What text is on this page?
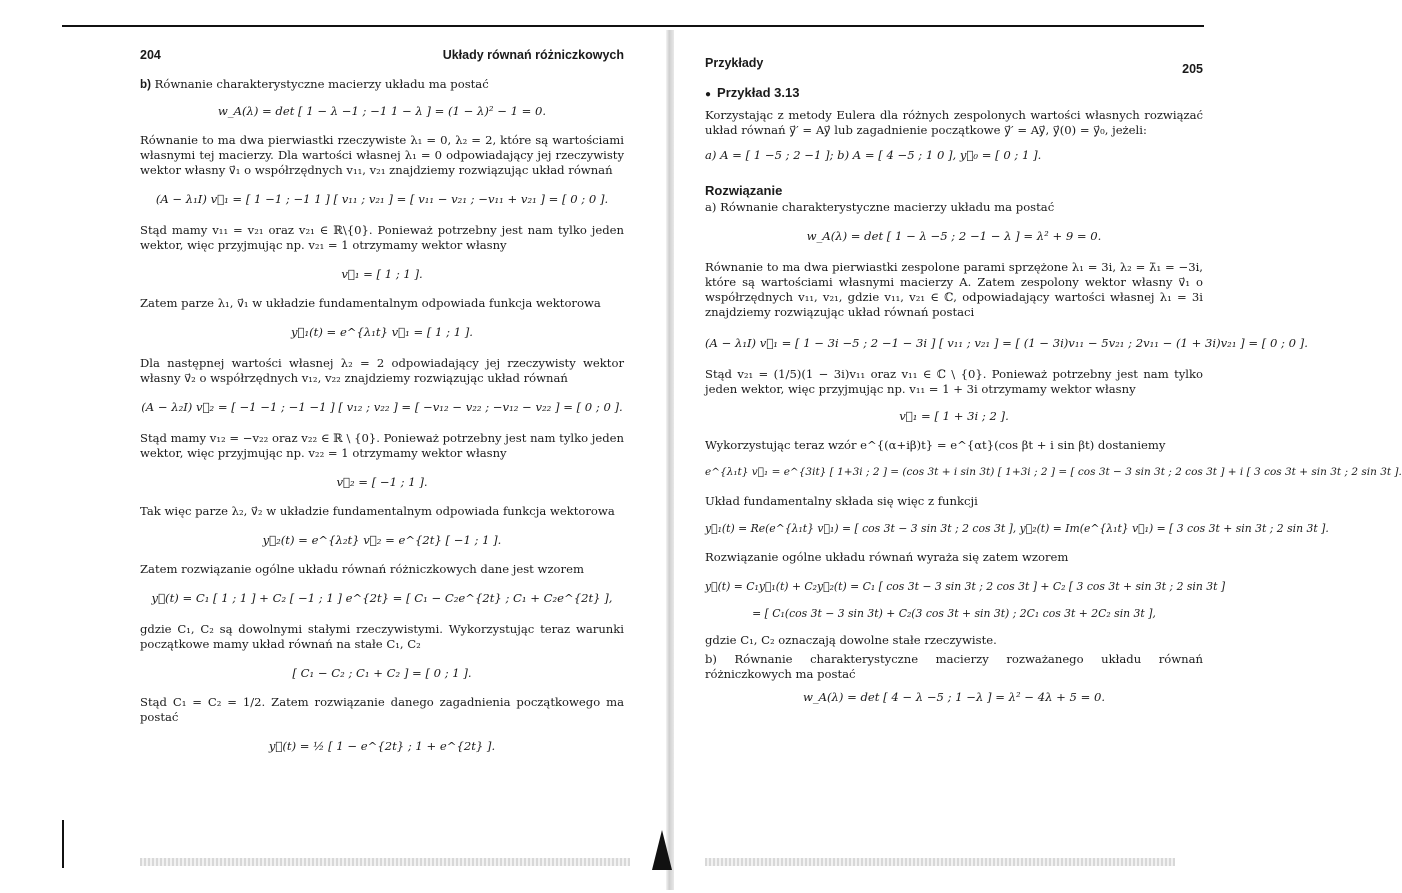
204	Układy równań różniczkowych

b) Równanie charakterystyczne macierzy układu ma postać

w_A(λ) = det [ 1 − λ −1 ; −1 1 − λ ] = (1 − λ)² − 1 = 0.

Równanie to ma dwa pierwiastki rzeczywiste λ₁ = 0, λ₂ = 2, które są wartościami własnymi tej macierzy. Dla wartości własnej λ₁ = 0 odpowiadający jej rzeczywisty wektor własny v⃗₁ o współrzędnych v₁₁, v₂₁ znajdziemy rozwiązując układ równań

(A − λ₁I) v⃗₁ = [ 1 −1 ; −1 1 ] [ v₁₁ ; v₂₁ ] = [ v₁₁ − v₂₁ ; −v₁₁ + v₂₁ ] = [ 0 ; 0 ].

Stąd mamy v₁₁ = v₂₁ oraz v₂₁ ∈ ℝ\{0}. Ponieważ potrzebny jest nam tylko jeden wektor, więc przyjmując np. v₂₁ = 1 otrzymamy wektor własny

v⃗₁ = [ 1 ; 1 ].

Zatem parze λ₁, v⃗₁ w układzie fundamentalnym odpowiada funkcja wektorowa

y⃗₁(t) = e^{λ₁t} v⃗₁ = [ 1 ; 1 ].

Dla następnej wartości własnej λ₂ = 2 odpowiadający jej rzeczywisty wektor własny v⃗₂ o współrzędnych v₁₂, v₂₂ znajdziemy rozwiązując układ równań

(A − λ₂I) v⃗₂ = [ −1 −1 ; −1 −1 ] [ v₁₂ ; v₂₂ ] = [ −v₁₂ − v₂₂ ; −v₁₂ − v₂₂ ] = [ 0 ; 0 ].

Stąd mamy v₁₂ = −v₂₂ oraz v₂₂ ∈ ℝ \ {0}. Ponieważ potrzebny jest nam tylko jeden wektor, więc przyjmując np. v₂₂ = 1 otrzymamy wektor własny

v⃗₂ = [ −1 ; 1 ].

Tak więc parze λ₂, v⃗₂ w układzie fundamentalnym odpowiada funkcja wektorowa

y⃗₂(t) = e^{λ₂t} v⃗₂ = e^{2t} [ −1 ; 1 ].

Zatem rozwiązanie ogólne układu równań różniczkowych dane jest wzorem

y⃗(t) = C₁ [ 1 ; 1 ] + C₂ [ −1 ; 1 ] e^{2t} = [ C₁ − C₂e^{2t} ; C₁ + C₂e^{2t} ],

gdzie C₁, C₂ są dowolnymi stałymi rzeczywistymi. Wykorzystując teraz warunki początkowe mamy układ równań na stałe C₁, C₂

[ C₁ − C₂ ; C₁ + C₂ ] = [ 0 ; 1 ].

Stąd C₁ = C₂ = 1/2. Zatem rozwiązanie danego zagadnienia początkowego ma postać

y⃗(t) = ½ [ 1 − e^{2t} ; 1 + e^{2t} ].
Przykłady	205
● Przykład 3.13

Korzystając z metody Eulera dla różnych zespolonych wartości własnych rozwiązać układ równań y⃗′ = Ay⃗ lub zagadnienie początkowe y⃗′ = Ay⃗, y⃗(0) = y⃗₀, jeżeli:

a) A = [ 1 −5 ; 2 −1 ]; b) A = [ 4 −5 ; 1 0 ], y⃗₀ = [ 0 ; 1 ].
Rozwiązanie

a) Równanie charakterystyczne macierzy układu ma postać

w_A(λ) = det [ 1 − λ −5 ; 2 −1 − λ ] = λ² + 9 = 0.

Równanie to ma dwa pierwiastki zespolone parami sprzężone λ₁ = 3i, λ₂ = λ̄₁ = −3i, które są wartościami własnymi macierzy A. Zatem zespolony wektor własny v⃗₁ o współrzędnych v₁₁, v₂₁, gdzie v₁₁, v₂₁ ∈ ℂ, odpowiadający wartości własnej λ₁ = 3i znajdziemy rozwiązując układ równań postaci

(A − λ₁I) v⃗₁ = [ 1 − 3i −5 ; 2 −1 − 3i ] [ v₁₁ ; v₂₁ ] = [ (1 − 3i)v₁₁ − 5v₂₁ ; 2v₁₁ − (1 + 3i)v₂₁ ] = [ 0 ; 0 ].

Stąd v₂₁ = (1/5)(1 − 3i)v₁₁ oraz v₁₁ ∈ ℂ \ {0}. Ponieważ potrzebny jest nam tylko jeden wektor, więc przyjmując np. v₁₁ = 1 + 3i otrzymamy wektor własny

v⃗₁ = [ 1 + 3i ; 2 ].

Wykorzystując teraz wzór e^{(α+iβ)t} = e^{αt}(cos βt + i sin βt) dostaniemy

e^{λ₁t} v⃗₁ = e^{3it} [ 1+3i ; 2 ] = (cos 3t + i sin 3t) [ 1+3i ; 2 ] = [ cos 3t − 3 sin 3t ; 2 cos 3t ] + i [ 3 cos 3t + sin 3t ; 2 sin 3t ].

Układ fundamentalny składa się więc z funkcji

y⃗₁(t) = Re(e^{λ₁t} v⃗₁) = [ cos 3t − 3 sin 3t ; 2 cos 3t ], y⃗₂(t) = Im(e^{λ₁t} v⃗₁) = [ 3 cos 3t + sin 3t ; 2 sin 3t ].

Rozwiązanie ogólne układu równań wyraża się zatem wzorem

y⃗(t) = C₁y⃗₁(t) + C₂y⃗₂(t) = C₁ [ cos 3t − 3 sin 3t ; 2 cos 3t ] + C₂ [ 3 cos 3t + sin 3t ; 2 sin 3t ]
= [ C₁(cos 3t − 3 sin 3t) + C₂(3 cos 3t + sin 3t) ; 2C₁ cos 3t + 2C₂ sin 3t ],

gdzie C₁, C₂ oznaczają dowolne stałe rzeczywiste.

b) Równanie charakterystyczne macierzy rozważanego układu równań różniczkowych ma postać

w_A(λ) = det [ 4 − λ −5 ; 1 −λ ] = λ² − 4λ + 5 = 0.
